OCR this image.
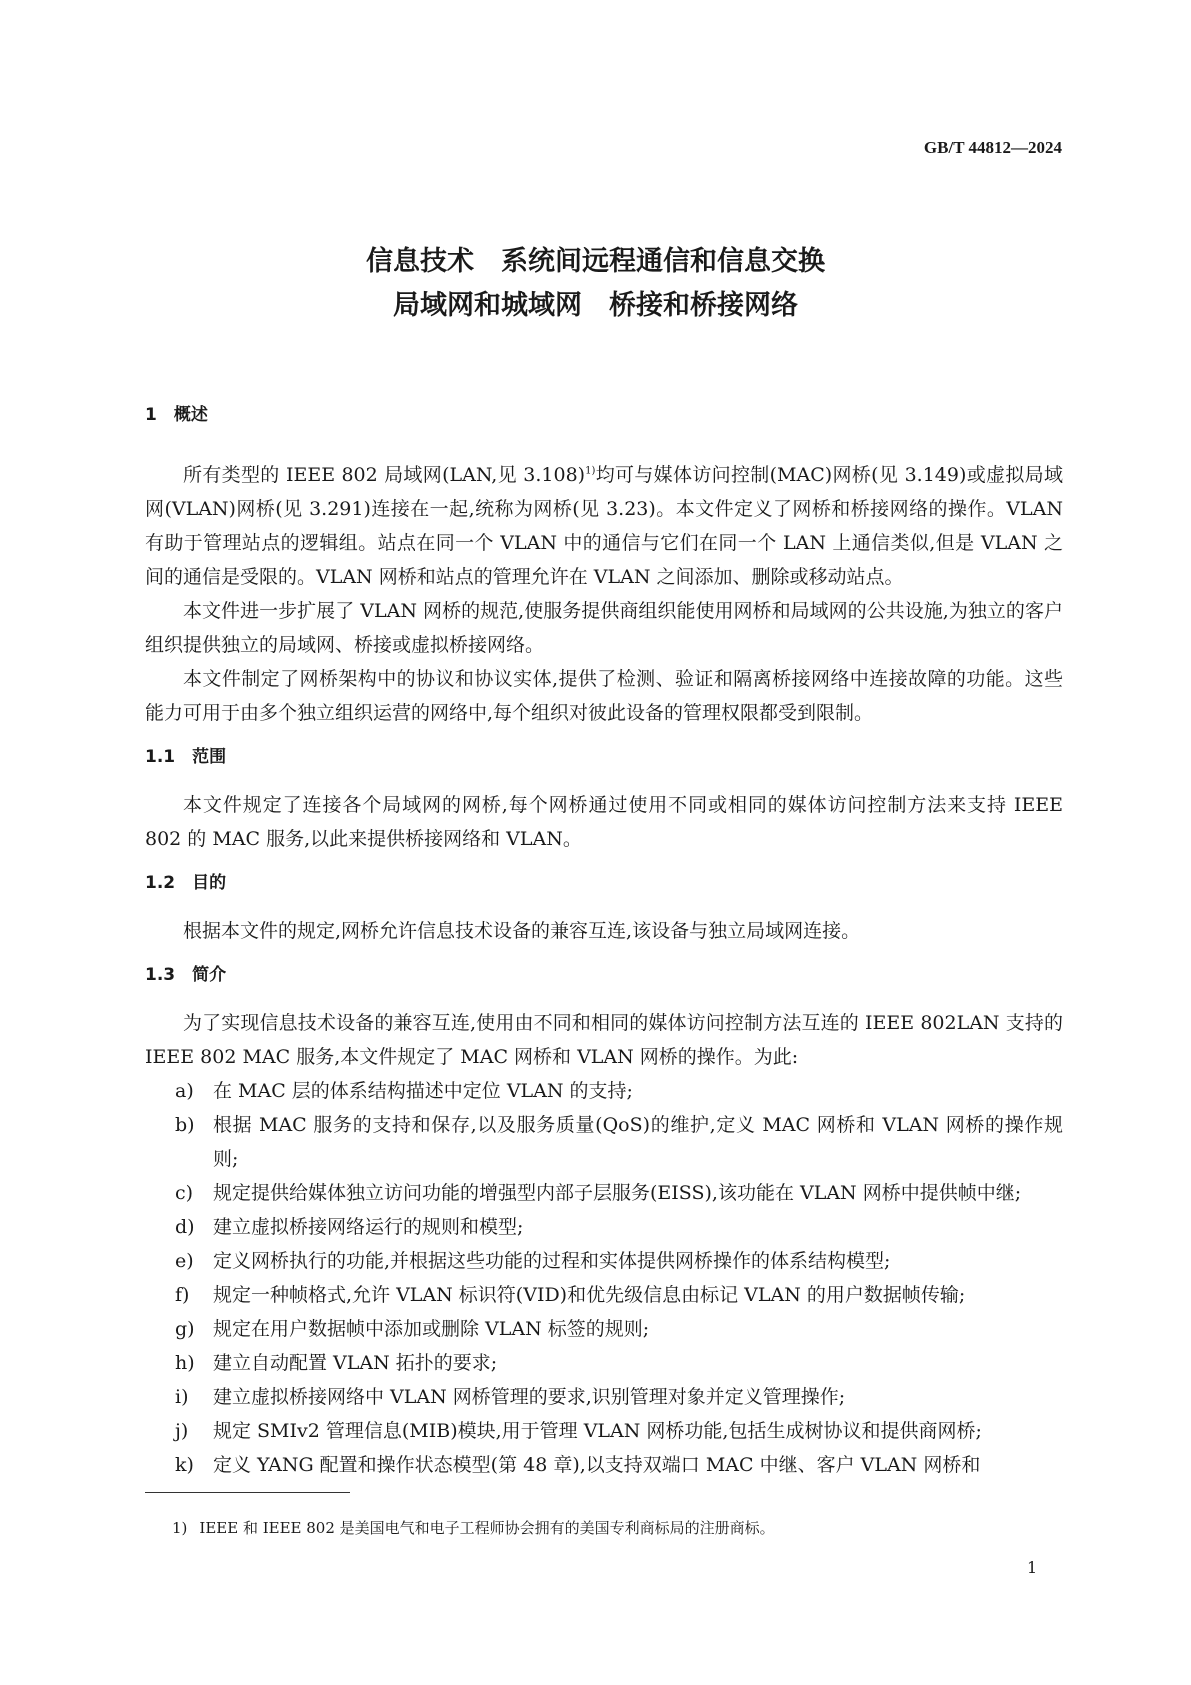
GB/T 44812—2024
信息技术　系统间远程通信和信息交换
局域网和城域网　桥接和桥接网络
1　概述

所有类型的 IEEE 802 局域网(LAN,见 3.108)$^{1)}$均可与媒体访问控制(MAC)网桥(见 3.149)或虚拟局域网(VLAN)网桥(见 3.291)连接在一起,统称为网桥(见 3.23)。本文件定义了网桥和桥接网络的操作。VLAN 有助于管理站点的逻辑组。站点在同一个 VLAN 中的通信与它们在同一个 LAN 上通信类似,但是 VLAN 之间的通信是受限的。VLAN 网桥和站点的管理允许在 VLAN 之间添加、删除或移动站点。

本文件进一步扩展了 VLAN 网桥的规范,使服务提供商组织能使用网桥和局域网的公共设施,为独立的客户组织提供独立的局域网、桥接或虚拟桥接网络。

本文件制定了网桥架构中的协议和协议实体,提供了检测、验证和隔离桥接网络中连接故障的功能。这些能力可用于由多个独立组织运营的网络中,每个组织对彼此设备的管理权限都受到限制。

1.1　范围

本文件规定了连接各个局域网的网桥,每个网桥通过使用不同或相同的媒体访问控制方法来支持 IEEE 802 的 MAC 服务,以此来提供桥接网络和 VLAN。

1.2　目的

根据本文件的规定,网桥允许信息技术设备的兼容互连,该设备与独立局域网连接。

1.3　简介

为了实现信息技术设备的兼容互连,使用由不同和相同的媒体访问控制方法互连的 IEEE 802LAN 支持的 IEEE 802 MAC 服务,本文件规定了 MAC 网桥和 VLAN 网桥的操作。为此:

a)	在 MAC 层的体系结构描述中定位 VLAN 的支持;
b) 根据 MAC 服务的支持和保存,以及服务质量(QoS)的维护,定义 MAC 网桥和 VLAN 网桥的操作规则;
c)	规定提供给媒体独立访问功能的增强型内部子层服务(EISS),该功能在 VLAN 网桥中提供帧中继;
d) 建立虚拟桥接网络运行的规则和模型;
e)	定义网桥执行的功能,并根据这些功能的过程和实体提供网桥操作的体系结构模型;
f)	规定一种帧格式,允许 VLAN 标识符(VID)和优先级信息由标记 VLAN 的用户数据帧传输;
g) 规定在用户数据帧中添加或删除 VLAN 标签的规则;
h) 建立自动配置 VLAN 拓扑的要求;
i)	建立虚拟桥接网络中 VLAN 网桥管理的要求,识别管理对象并定义管理操作;
j)	规定 SMIv2 管理信息(MIB)模块,用于管理 VLAN 网桥功能,包括生成树协议和提供商网桥;
k)	定义 YANG 配置和操作状态模型(第 48 章),以支持双端口 MAC 中继、客户 VLAN 网桥和
1) IEEE 和 IEEE 802 是美国电气和电子工程师协会拥有的美国专利商标局的注册商标。
1
